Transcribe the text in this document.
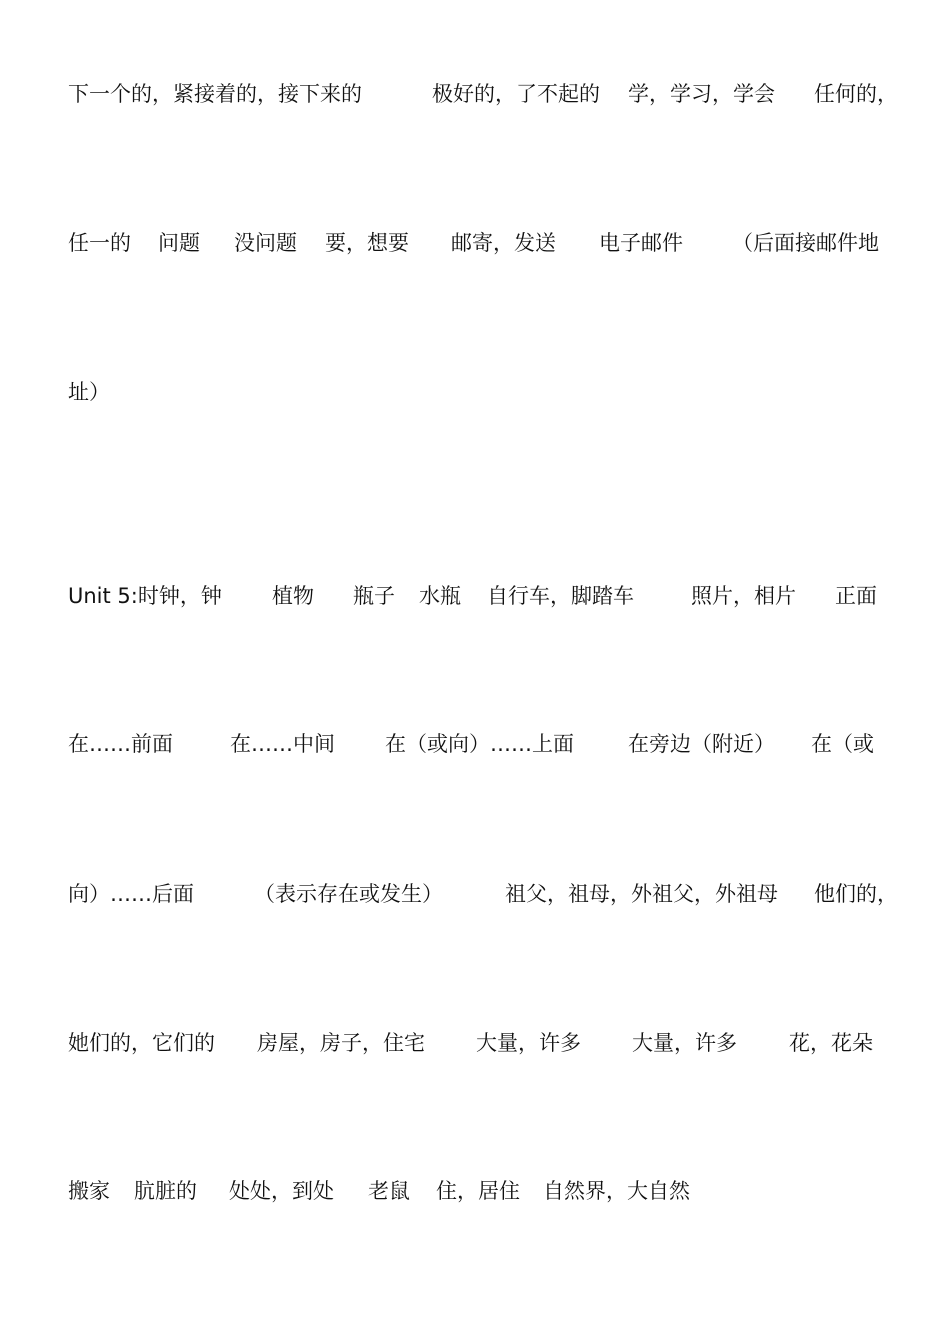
下一个的，紧接着的，接下来的	极好的，了不起的 学，学习，学会 任何的，
任一的 问题 没问题 要，想要 邮寄，发送 电子邮件 （后面接邮件地
址）
Unit 5:时钟，钟 植物 瓶子 水瓶 自行车，脚踏车	照片，相片 正面
在……前面	在……中间 在（或向）……上面	在旁边（附近） 在（或
向）……后面	（表示存在或发生）	祖父，祖母，外祖父，外祖母 他们的，
她们的，它们的 房屋，房子，住宅 大量，许多 大量，许多 花，花朵
搬家 肮脏的 处处，到处 老鼠 住，居住 自然界，大自然
